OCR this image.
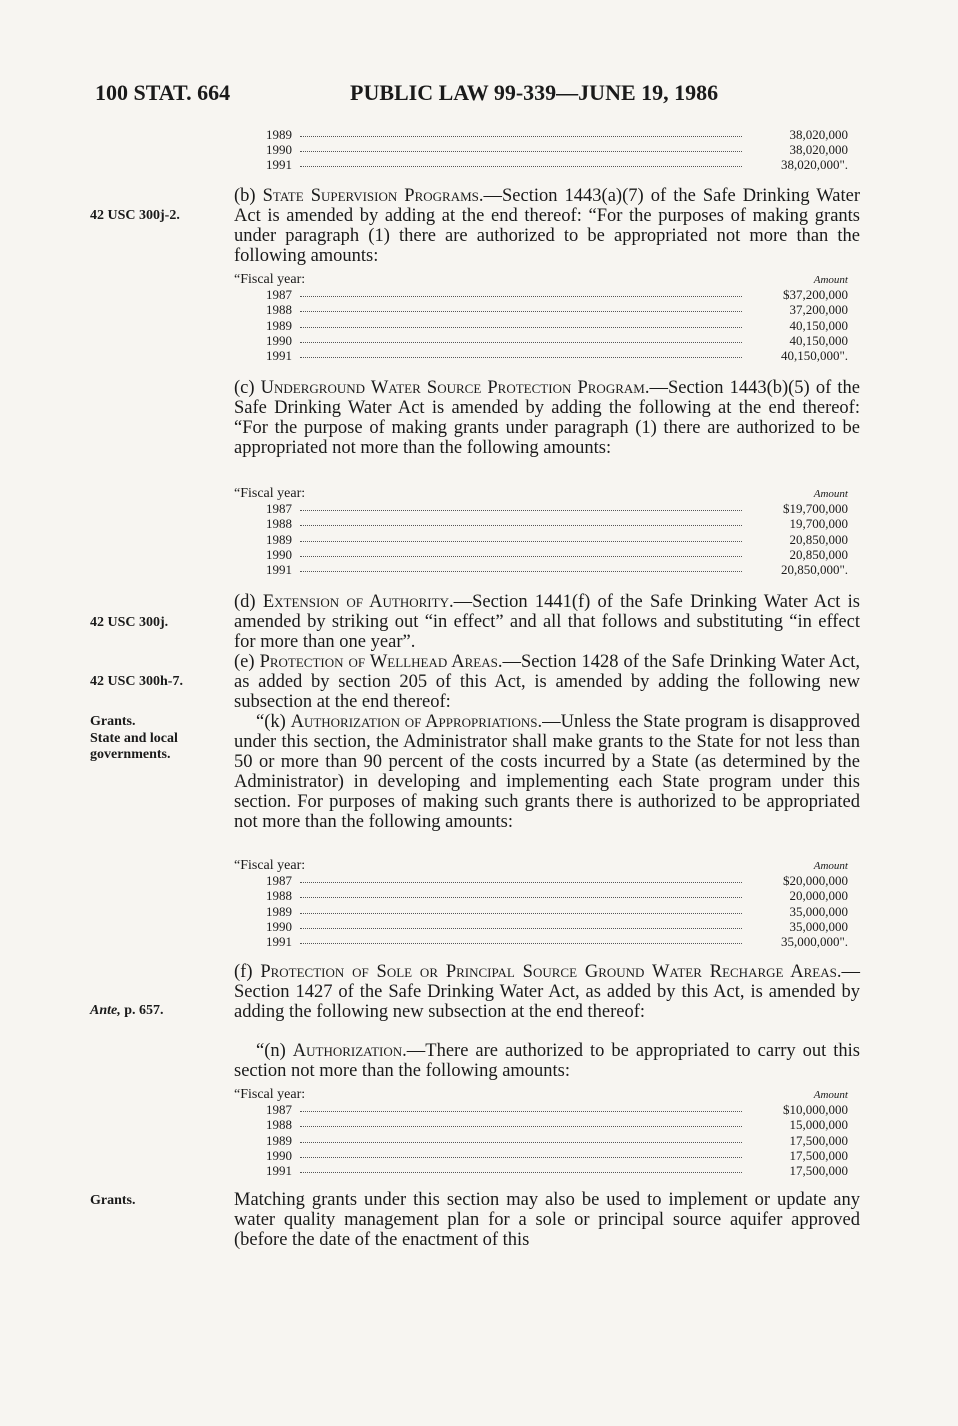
100 STAT. 664	PUBLIC LAW 99-339—JUNE 19, 1986
1989	38,020,000
1990	38,020,000
1991	38,020,000".
42 USC 300j-2.
(b) State Supervision Programs.—Section 1443(a)(7) of the Safe Drinking Water Act is amended by adding at the end thereof: “For the purposes of making grants under paragraph (1) there are authorized to be appropriated not more than the following amounts:
“Fiscal year:	Amount
1987	$37,200,000
1988	37,200,000
1989	40,150,000
1990	40,150,000
1991	40,150,000".
(c) Underground Water Source Protection Program.—Section 1443(b)(5) of the Safe Drinking Water Act is amended by adding the following at the end thereof: “For the purpose of making grants under paragraph (1) there are authorized to be appropriated not more than the following amounts:
“Fiscal year:	Amount
1987	$19,700,000
1988	19,700,000
1989	20,850,000
1990	20,850,000
1991	20,850,000".
42 USC 300j.
(d) Extension of Authority.—Section 1441(f) of the Safe Drinking Water Act is amended by striking out “in effect” and all that follows and substituting “in effect for more than one year”.
42 USC 300h-7.
(e) Protection of Wellhead Areas.—Section 1428 of the Safe Drinking Water Act, as added by section 205 of this Act, is amended by adding the following new subsection at the end thereof:
Grants.
State and local governments.
“(k) Authorization of Appropriations.—Unless the State program is disapproved under this section, the Administrator shall make grants to the State for not less than 50 or more than 90 percent of the costs incurred by a State (as determined by the Administrator) in developing and implementing each State program under this section. For purposes of making such grants there is authorized to be appropriated not more than the following amounts:
“Fiscal year:	Amount
1987	$20,000,000
1988	20,000,000
1989	35,000,000
1990	35,000,000
1991	35,000,000".
Ante, p. 657.
(f) Protection of Sole or Principal Source Ground Water Recharge Areas.—Section 1427 of the Safe Drinking Water Act, as added by this Act, is amended by adding the following new subsection at the end thereof:
“(n) Authorization.—There are authorized to be appropriated to carry out this section not more than the following amounts:
“Fiscal year:	Amount
1987	$10,000,000
1988	15,000,000
1989	17,500,000
1990	17,500,000
1991	17,500,000
Grants.	Matching grants under this section may also be used to implement or update any water quality management plan for a sole or principal source aquifer approved (before the date of the enactment of this
